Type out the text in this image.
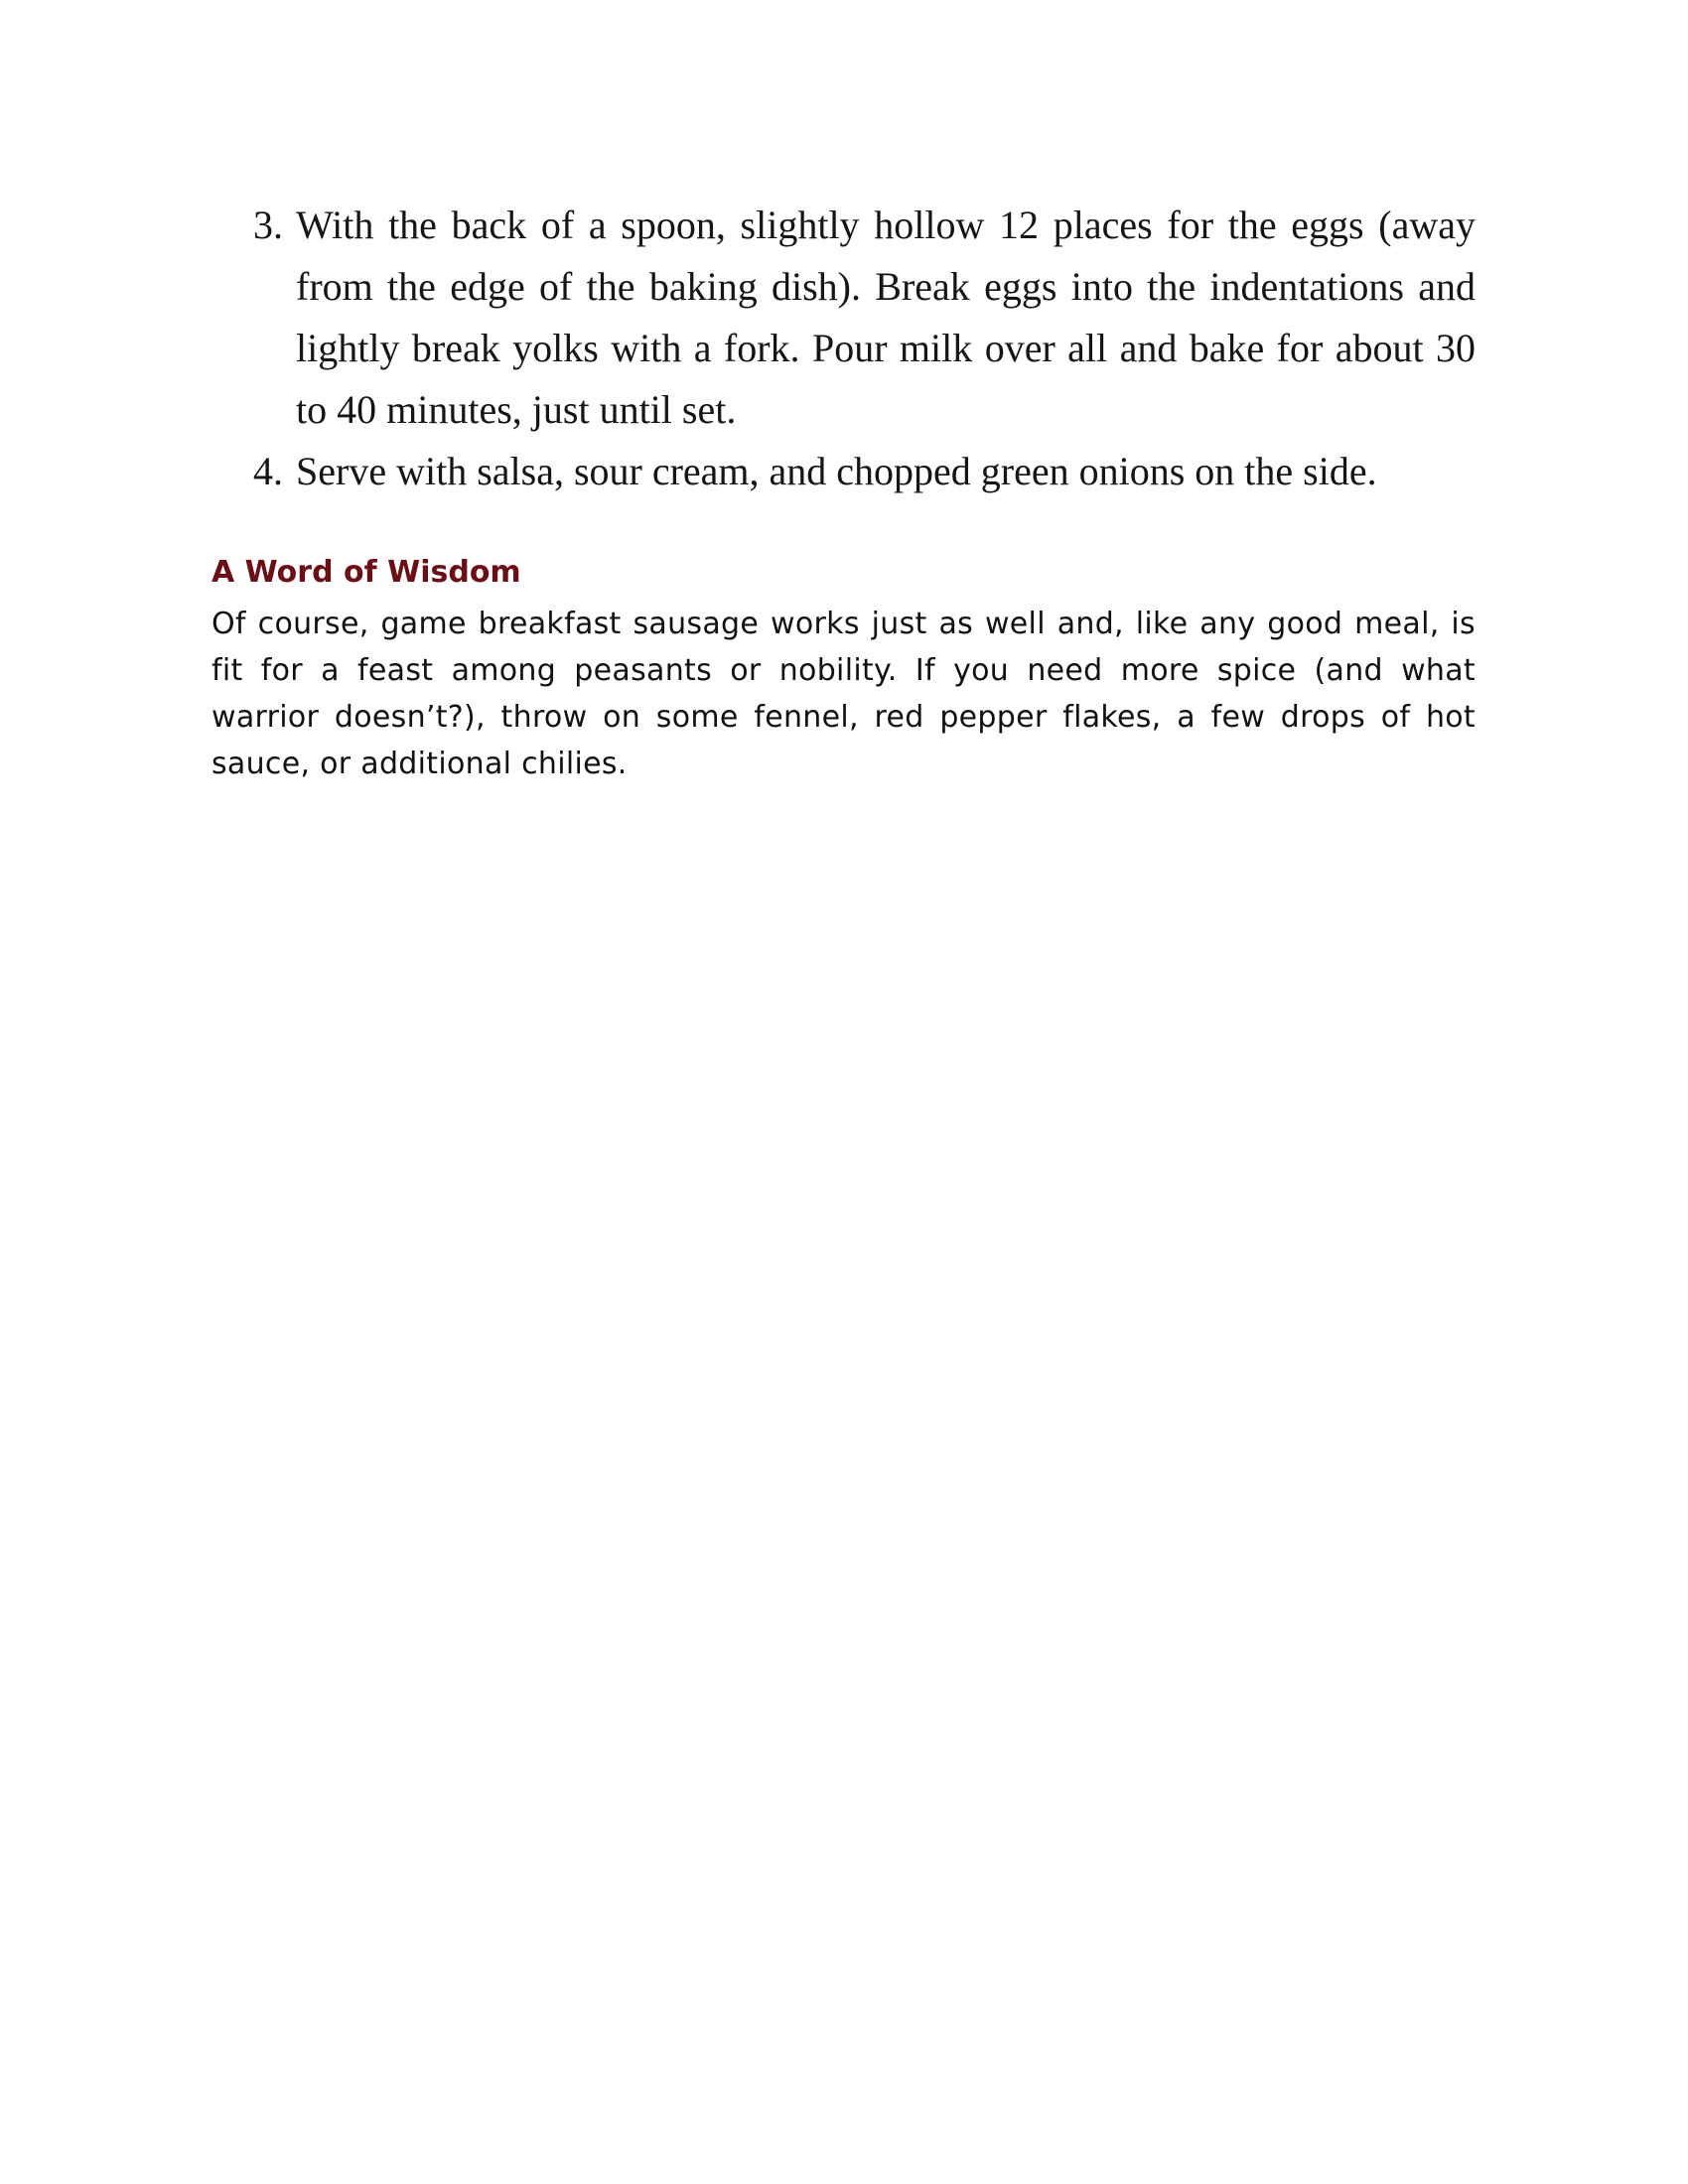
3. With the back of a spoon, slightly hollow 12 places for the eggs (away from the edge of the baking dish). Break eggs into the indentations and lightly break yolks with a fork. Pour milk over all and bake for about 30 to 40 minutes, just until set.
4. Serve with salsa, sour cream, and chopped green onions on the side.
A Word of Wisdom

Of course, game breakfast sausage works just as well and, like any good meal, is fit for a feast among peasants or nobility. If you need more spice (and what warrior doesn’t?), throw on some fennel, red pepper flakes, a few drops of hot sauce, or additional chilies.
